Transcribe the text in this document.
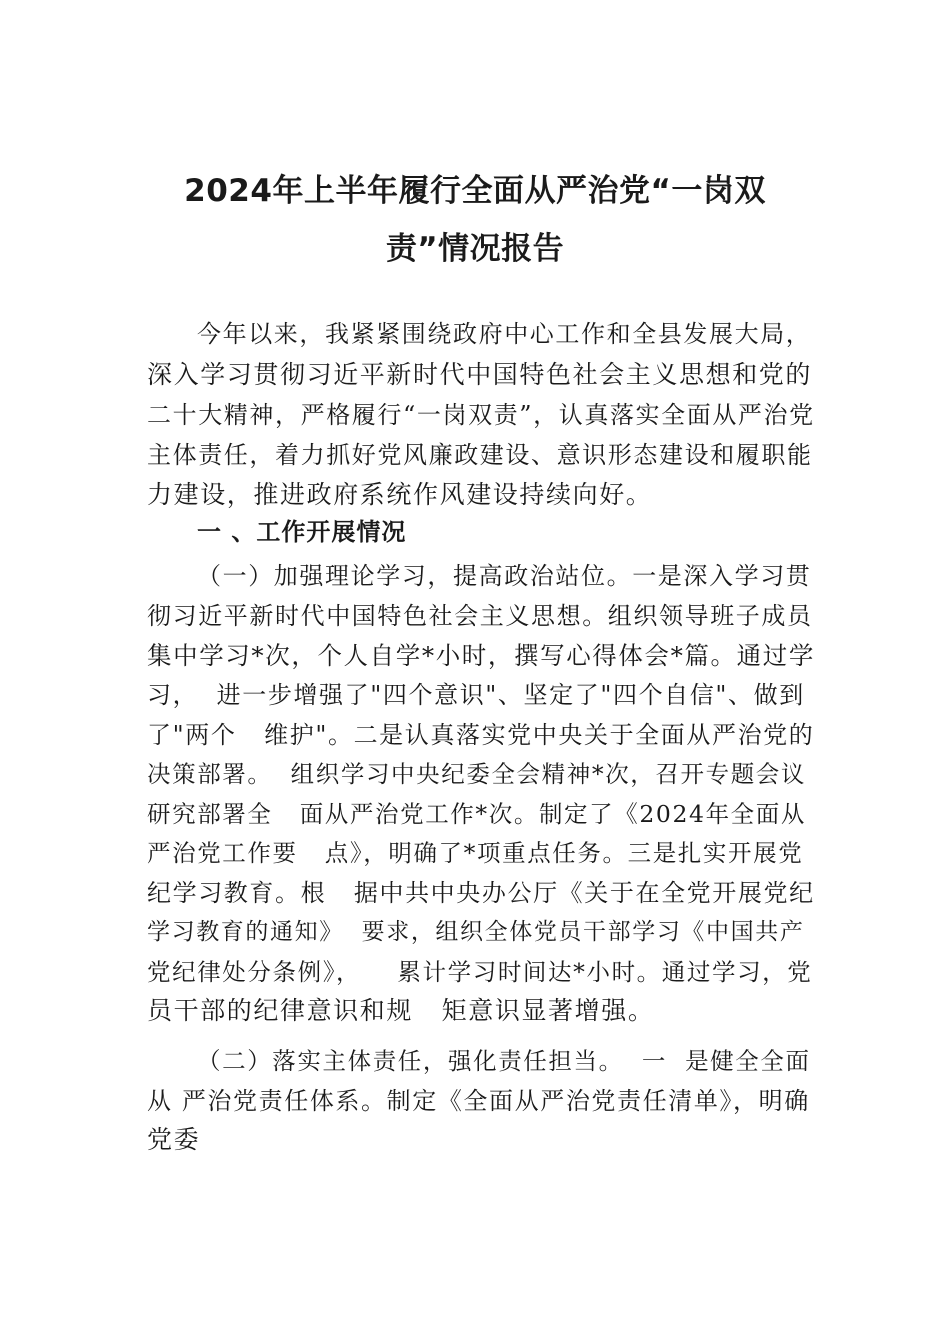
2024年上半年履行全面从严治党“一岗双
责”情况报告
今年以来，我紧紧围绕政府中心工作和全县发展大局，
深入学习贯彻习近平新时代中国特色社会主义思想和党的
二十大精神，严格履行“一岗双责”，认真落实全面从严治党
主体责任，着力抓好党风廉政建设、意识形态建设和履职能
力建设，推进政府系统作风建设持续向好。
一 、工作开展情况
（一）加强理论学习，提高政治站位。一是深入学习贯
彻习近平新时代中国特色社会主义思想。组织领导班子成员
集中学习*次，个人自学*小时，撰写心得体会*篇。通过学
习，  进一步增强了"四个意识"、坚定了"四个自信"、做到
了"两个   维护"。二是认真落实党中央关于全面从严治党的
决策部署。  组织学习中央纪委全会精神*次，召开专题会议
研究部署全   面从严治党工作*次。制定了《2024年全面从
严治党工作要   点》，明确了*项重点任务。三是扎实开展党
纪学习教育。根   据中共中央办公厅《关于在全党开展党纪
学习教育的通知》  要求，组织全体党员干部学习《中国共产
党纪律处分条例》，    累计学习时间达*小时。通过学习，党
员干部的纪律意识和规   矩意识显著增强。
（二）落实主体责任，强化责任担当。  一  是健全全面
从 严治党责任体系。制定《全面从严治党责任清单》，明确
党委
